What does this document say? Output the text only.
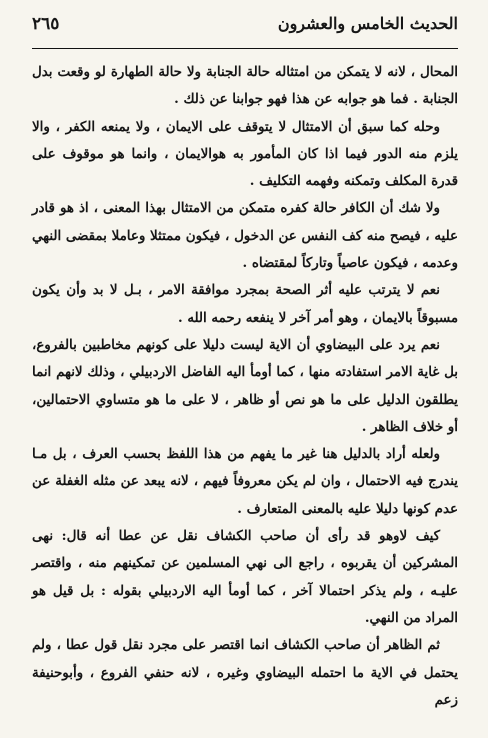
الحديث الخامس والعشرون
٢٦٥

المحال ، لانه لا يتمكن من امتثاله حالة الجنابة ولا حالة الطهارة لو وقعت بدل الجنابة . فما هو جوابه عن هذا فهو جوابنا عن ذلك .

وحله كما سبق أن الامتثال لا يتوقف على الايمان ، ولا يمنعه الكفر ، والا يلزم منه الدور فيما اذا كان المأمور به هوالايمان ، وانما هو موقوف على قدرة المكلف وتمكنه وفهمه التكليف .

ولا شك أن الكافر حالة كفره متمكن من الامتثال بهذا المعنى ، اذ هو قادر عليه ، فيصح منه كف النفس عن الدخول ، فيكون ممتثلا وعاملا بمقضى النهي وعدمه ، فيكون عاصياً وتاركاً لمقتضاه .

نعم لا يترتب عليه أثر الصحة بمجرد موافقة الامر ، بـل لا بد وأن يكون مسبوقاً بالايمان ، وهو أمر آخر لا ينفعه رحمه الله .

نعم يرد على البيضاوي أن الاية ليست دليلا على كونهم مخاطبين بالفروع، بل غاية الامر استفادته منها ، كما أومأ اليه الفاضل الاردبيلي ، وذلك لانهم انما يطلقون الدليل على ما هو نص أو ظاهر ، لا على ما هو متساوي الاحتمالين، أو خلاف الظاهر .

ولعله أراد بالدليل هنا غير ما يفهم من هذا اللفظ بحسب العرف ، بل مـا يندرج فيه الاحتمال ، وان لم يكن معروفاً فيهم ، لانه يبعد عن مثله الغفلة عن عدم كونها دليلا عليه بالمعنى المتعارف .

كيف لاوهو قد رأى أن صاحب الكشاف نقل عن عطا أنه قال: نهى المشركين أن يقربوه ، راجع الى نهي المسلمين عن تمكينهم منه ، واقتصر عليـه ، ولم يذكر احتمالا آخر ، كما أومأ اليه الاردبيلي بقوله : بل قيل هو المراد من النهي.

ثم الظاهر أن صاحب الكشاف انما اقتصر على مجرد نقل قول عطا ، ولم يحتمل في الاية ما احتمله البيضاوي وغيره ، لانه حنفي الفروع ، وأبوحنيفة زعم
